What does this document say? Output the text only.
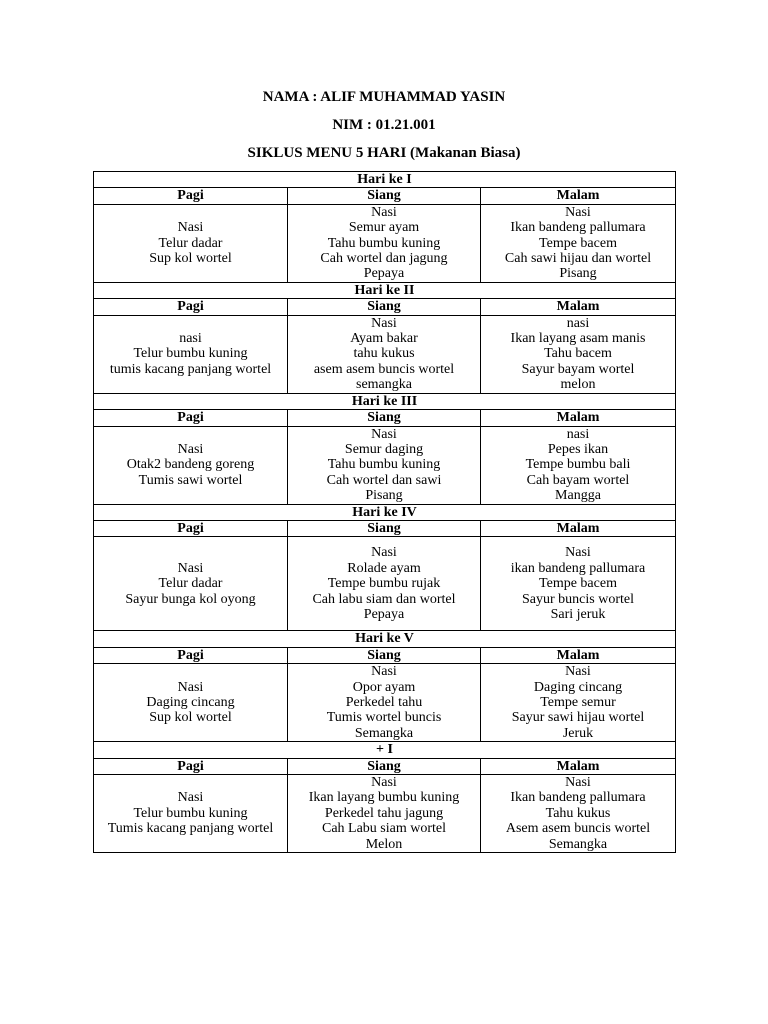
NAMA : ALIF MUHAMMAD YASIN
NIM : 01.21.001
SIKLUS MENU 5 HARI (Makanan Biasa)
Hari ke I		
Pagi	Siang	Malam

Nasi
Telur dadar
Sup kol wortel	Nasi
Semur ayam
Tahu bumbu kuning
Cah wortel dan jagung
Pepaya	Nasi
Ikan bandeng pallumara
Tempe bacem
Cah sawi hijau dan wortel
Pisang

Hari ke II		
Pagi	Siang	Malam

nasi
Telur bumbu kuning
tumis kacang panjang wortel	Nasi
Ayam bakar
tahu kukus
asem asem buncis wortel
semangka	nasi
Ikan layang asam manis
Tahu bacem
Sayur bayam wortel
melon

Hari ke III		
Pagi	Siang	Malam

Nasi
Otak2 bandeng goreng
Tumis sawi wortel	Nasi
Semur daging
Tahu bumbu kuning
Cah wortel dan sawi
Pisang	nasi
Pepes ikan
Tempe bumbu bali
Cah bayam wortel
Mangga

Hari ke IV		
Pagi	Siang	Malam

Nasi
Telur dadar
Sayur bunga kol oyong	Nasi
Rolade ayam
Tempe bumbu rujak
Cah labu siam dan wortel
Pepaya	Nasi
ikan bandeng pallumara
Tempe bacem
Sayur buncis wortel
Sari jeruk

Hari ke V		
Pagi	Siang	Malam

Nasi
Daging cincang
Sup kol wortel	Nasi
Opor ayam
Perkedel tahu
Tumis wortel buncis
Semangka	Nasi
Daging cincang
Tempe semur
Sayur sawi hijau wortel
Jeruk

+ I		
Pagi	Siang	Malam

Nasi
Telur bumbu kuning
Tumis kacang panjang wortel	Nasi
Ikan layang bumbu kuning
Perkedel tahu jagung
Cah Labu siam wortel
Melon	Nasi
Ikan bandeng pallumara
Tahu kukus
Asem asem buncis wortel
Semangka
